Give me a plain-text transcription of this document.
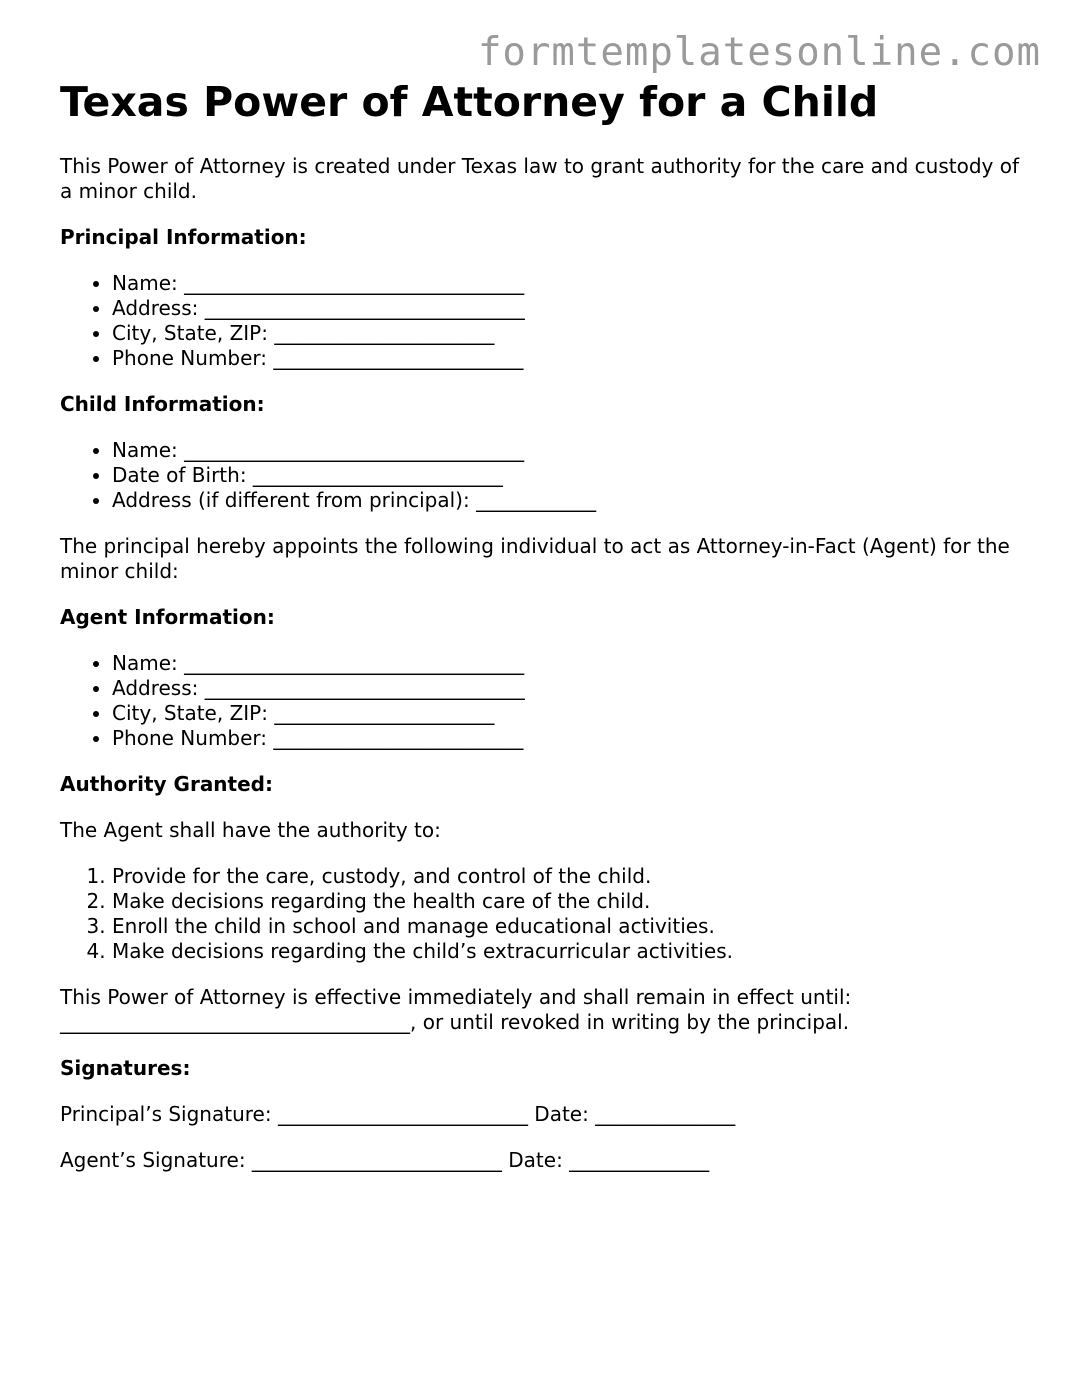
formtemplatesonline.com
Texas Power of Attorney for a Child

This Power of Attorney is created under Texas law to grant authority for the care and custody of a minor child.

Principal Information:
• Name: __________________________________
• Address: ________________________________
• City, State, ZIP: ______________________
• Phone Number: _________________________
Child Information:
• Name: __________________________________
• Date of Birth: _________________________
• Address (if different from principal): ____________

The principal hereby appoints the following individual to act as Attorney-in-Fact (Agent) for the minor child:

Agent Information:
• Name: __________________________________
• Address: ________________________________
• City, State, ZIP: ______________________
• Phone Number: _________________________
Authority Granted:

The Agent shall have the authority to:

1. Provide for the care, custody, and control of the child.
2. Make decisions regarding the health care of the child.
3. Enroll the child in school and manage educational activities.
4. Make decisions regarding the child’s extracurricular activities.

This Power of Attorney is effective immediately and shall remain in effect until: ___________________________________, or until revoked in writing by the principal.

Signatures:

Principal’s Signature: _________________________ Date: ______________

Agent’s Signature: _________________________ Date: ______________
